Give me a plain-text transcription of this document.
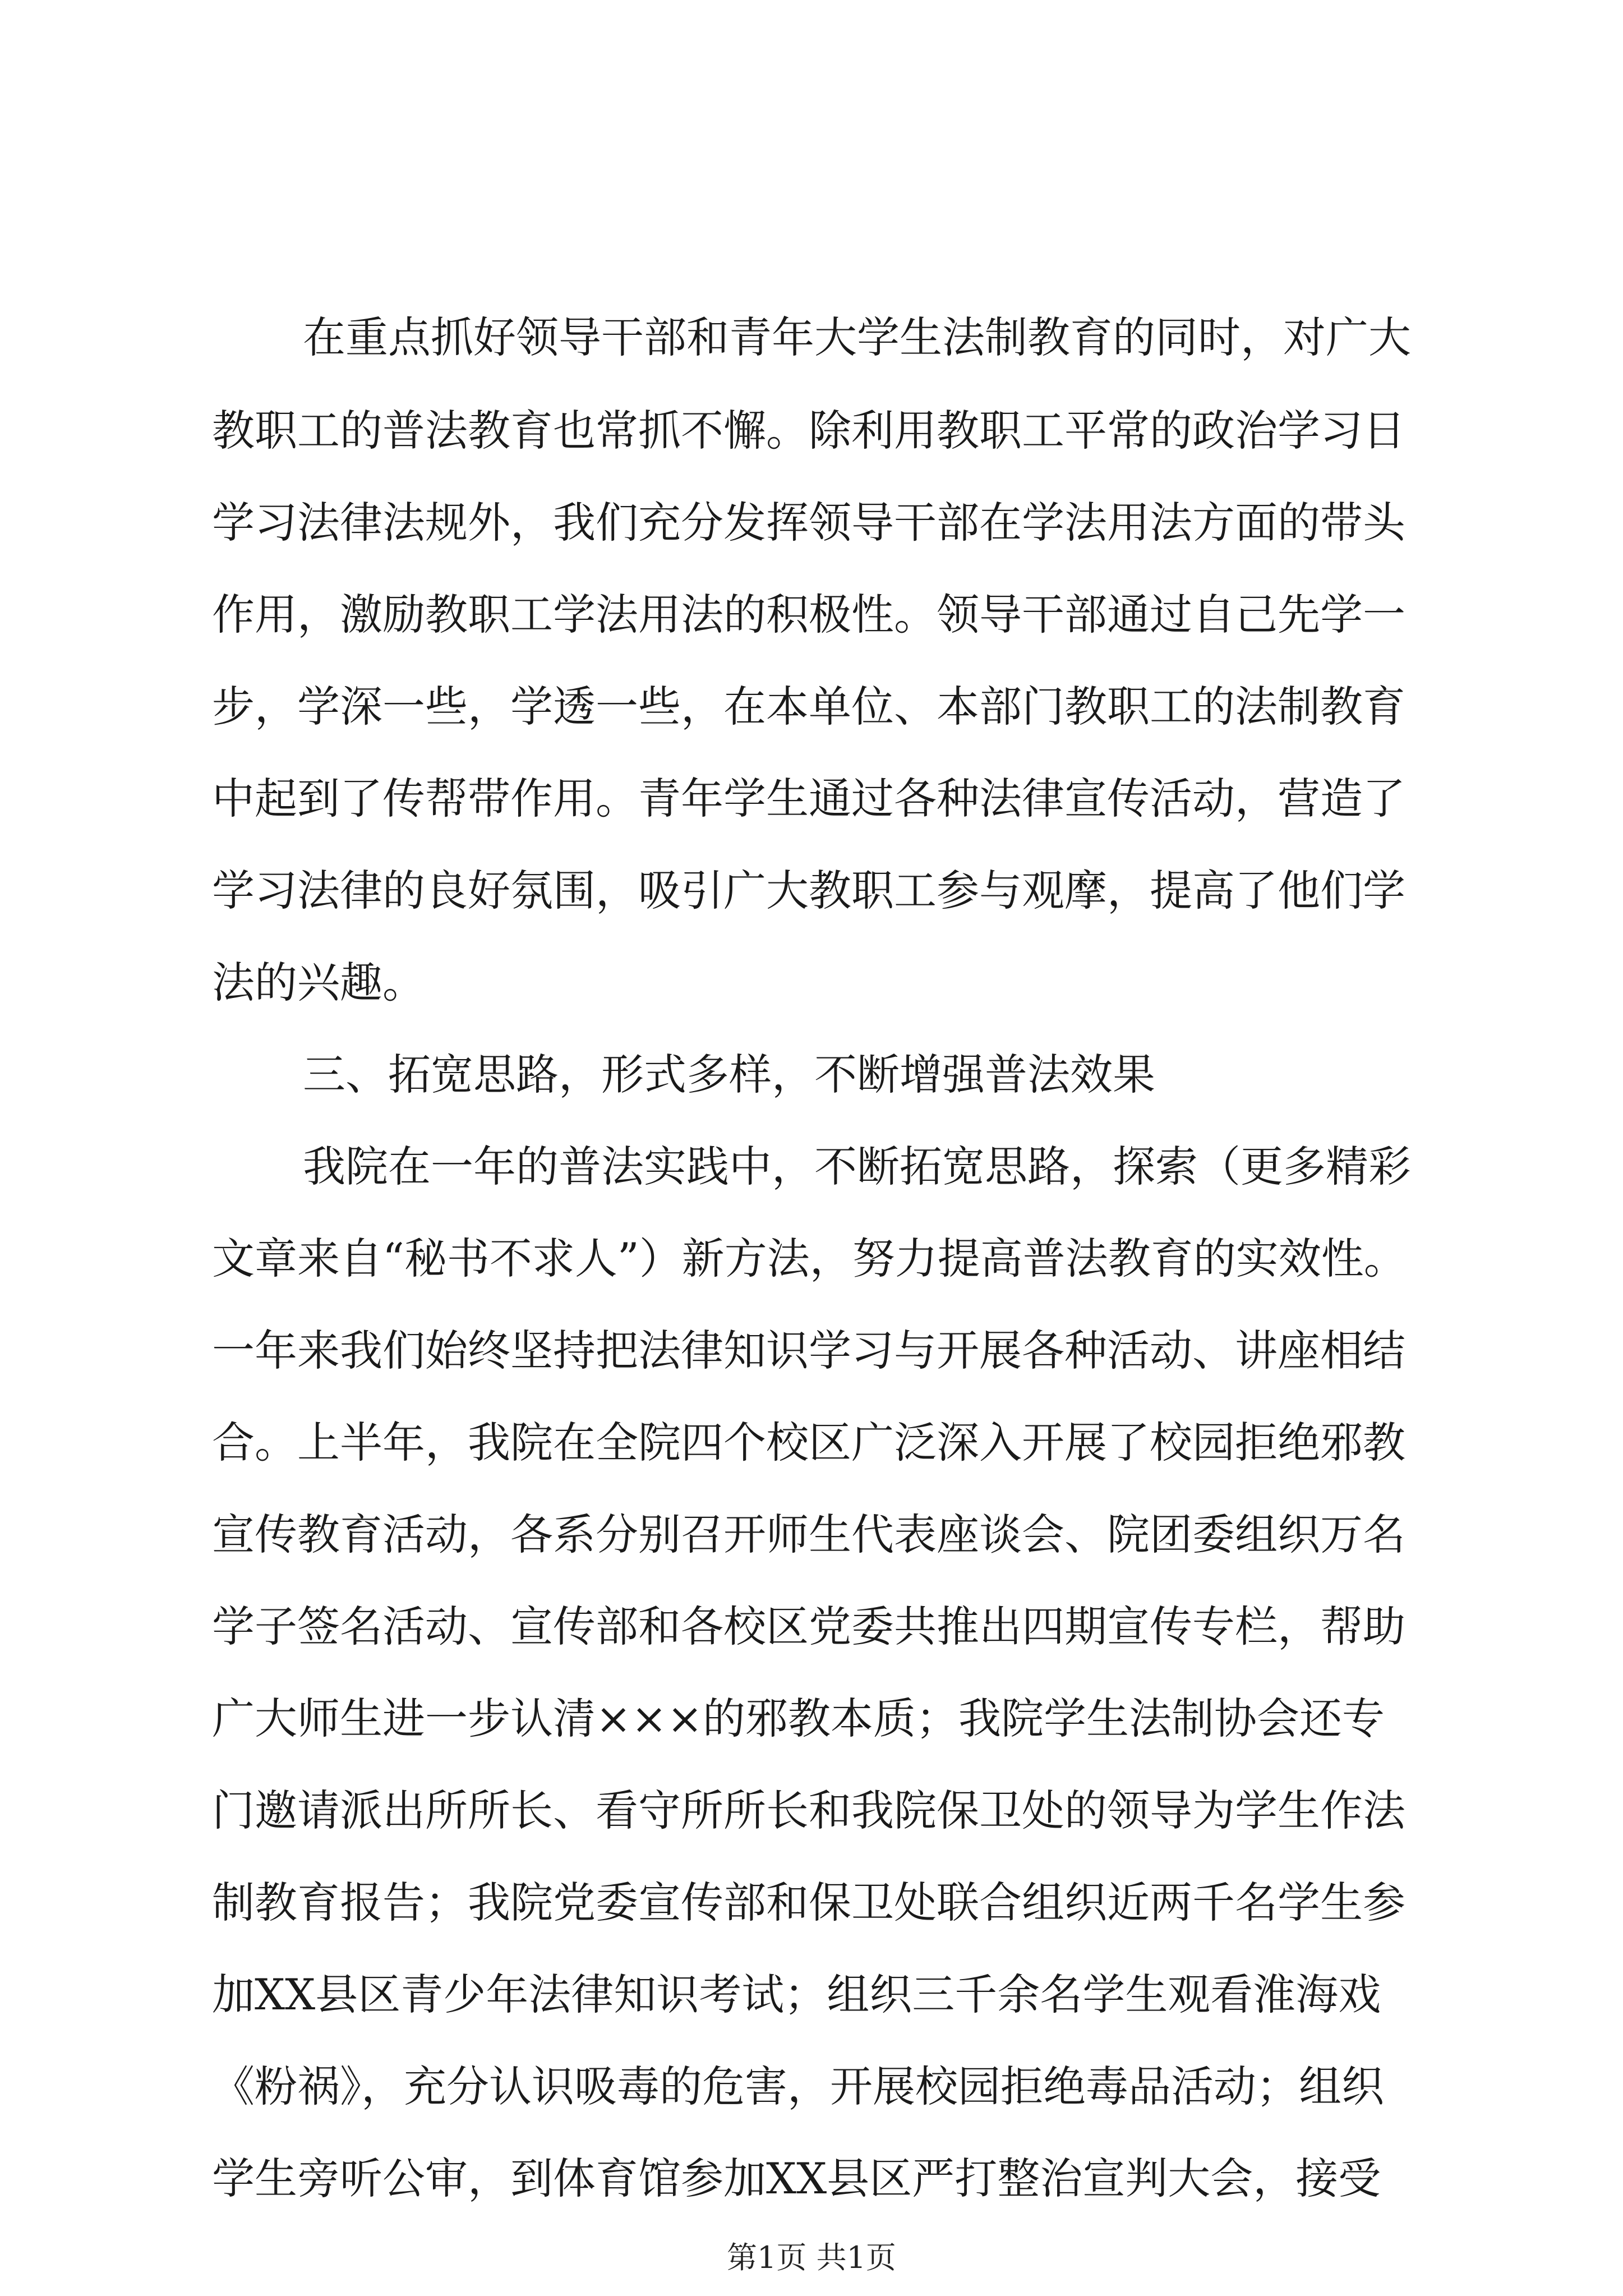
在重点抓好领导干部和青年大学生法制教育的同时，对广大
教职工的普法教育也常抓不懈。除利用教职工平常的政治学习日
学习法律法规外，我们充分发挥领导干部在学法用法方面的带头
作用，激励教职工学法用法的积极性。领导干部通过自己先学一
步，学深一些，学透一些，在本单位、本部门教职工的法制教育
中起到了传帮带作用。青年学生通过各种法律宣传活动，营造了
学习法律的良好氛围，吸引广大教职工参与观摩，提高了他们学
法的兴趣。
三、拓宽思路，形式多样，不断增强普法效果
我院在一年的普法实践中，不断拓宽思路，探索（更多精彩
文章来自“秘书不求人”）新方法，努力提高普法教育的实效性。
一年来我们始终坚持把法律知识学习与开展各种活动、讲座相结
合。上半年，我院在全院四个校区广泛深入开展了校园拒绝邪教
宣传教育活动，各系分别召开师生代表座谈会、院团委组织万名
学子签名活动、宣传部和各校区党委共推出四期宣传专栏，帮助
广大师生进一步认清×××的邪教本质；我院学生法制协会还专
门邀请派出所所长、看守所所长和我院保卫处的领导为学生作法
制教育报告；我院党委宣传部和保卫处联合组织近两千名学生参
加XX县区青少年法律知识考试；组织三千余名学生观看淮海戏
《粉祸》，充分认识吸毒的危害，开展校园拒绝毒品活动；组织
学生旁听公审，到体育馆参加XX县区严打整治宣判大会，接受
第1页 共1页
